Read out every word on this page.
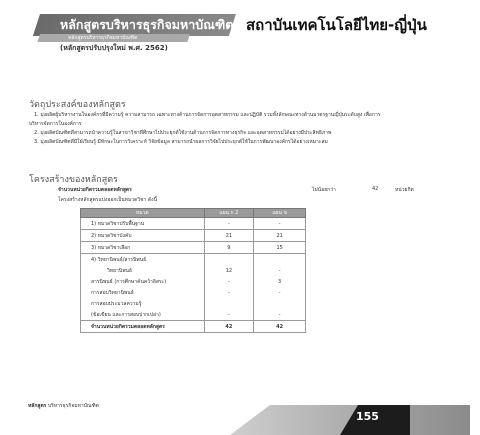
หลักสูตรบริหารธุรกิจมหาบัณฑิต
หลักสูตรบริหารธุรกิจมหาบัณฑิต
(หลักสูตรปรับปรุงใหม่ พ.ศ. 2562)
สถาบันเทคโนโลยีไทย-ญี่ปุ่น
วัตถุประสงค์ของหลักสูตร
1. มุ่งผลิตผู้บริหารงานในองค์กรที่มีความรู้ ความสามารถ เฉพาะทางด้านการจัดการอุตสาหกรรม และปฏิบัติ รวมทั้งลักษณะทางด้านมาตรฐานญี่ปุ่นระดับสูง เพื่อการ
บริหารจัดการในองค์การ
2. มุ่งผลิตบัณฑิตที่สามารถนำความรู้ในสาขาวิชาที่ศึกษาไปประยุกต์ใช้งานด้านการจัดการทางธุรกิจ และอุตสาหกรรมได้อย่างมีประสิทธิภาพ
3. มุ่งผลิตบัณฑิตที่มีใฝ่เรียนรู้ มีทักษะในการวิเคราะห์ วิจัยข้อมูล สามารถนำผลการวิจัยไปประยุกต์ใช้ในการพัฒนาองค์กรได้อย่างเหมาะสม
โครงสร้างของหลักสูตร
จำนวนหน่วยกิตรวมตลอดหลักสูตร	ไม่น้อยกว่า	42	หน่วยกิต
โครงสร้างหลักสูตรแบ่งออกเป็นหมวดวิชา ดังนี้
หมวด	แผน ก 2	แผน ข
1) หมวดวิชาปรับพื้นฐาน	-	-
2) หมวดวิชาบังคับ	21	21
3) หมวดวิชาเลือก	9	15
4) วิทยานิพนธ์/สารนิพนธ์		
วิทยานิพนธ์	12	-
สารนิพนธ์ (การศึกษาค้นคว้าอิสระ)	-	3
การสอบวิทยานิพนธ์	-	-
การสอบประมวลความรู้		
(ข้อเขียน และการสอบปากเปล่า)	-	-
จำนวนหน่วยกิตรวมตลอดหลักสูตร	42	42
หลักสูตร บริหารธุรกิจมหาบัณฑิต
155
